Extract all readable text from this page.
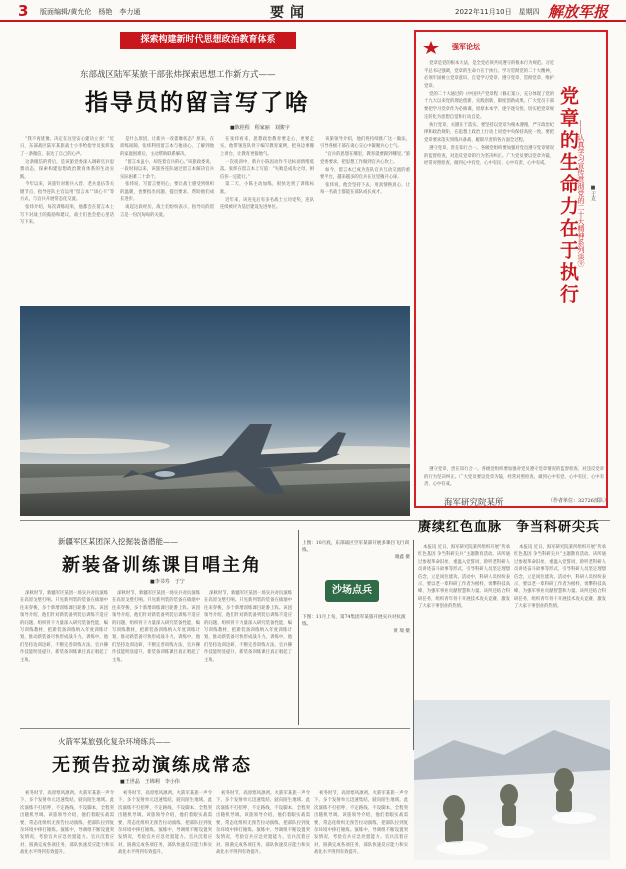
3 版面编辑/黄允伦　杨艳　李力通	要闻	2022年11月10日　星期四 解放军报
探索构建新时代思想政治教育体系
东部战区陆军某旅干部张炜探索思想工作新方式——
指导员的留言写了啥
■陈桂程　程家丽　刘骏宇

“我不再犹豫，决定在这里安心建功立业！”近日，东部战区陆军某旅战士小李给指导员张炜发了一条微信，表达了自己的心声。

这条微信的背后，是该旅党委深入调研官兵思想动态，探索构建思想政治教育体系的生动实践。

今年以来，该旅针对新兵入营、老兵退伍等关键节点，指导连队主官运用“留言本”“谈心卡”等方式，与官兵开展常态化交流。

张炜介绍，每次训练结束，他都会在留言本上写下对战士的鼓励和建议，战士们也会把心里话写下来。

是什么原因，让新兵一改萎靡状态？原来，在训练间隙，张炜利用留言本与他谈心，了解到他的家庭困难后，主动帮助联系解决。

“留言本虽小，却连着官兵的心。”该旅政委说，一段时间以来，该旅各连队通过留言本解决官兵实际困难二十余个。

张炜说，写留言要用心，要让战士感受到组织的温暖，也要指出问题、提出要求，帮助他们成长进步。

谈起这段经历，战士们纷纷表示，指导员的留言是一份沉甸甸的关爱。

在张炜看来，思想政治教育要走心，更要走实。他带领连队骨干编写教育案例，把身边事搬上讲台，让教育更接地气。

一次夜训中，新兵小陈因动作不达标而情绪低落。张炜在留言本上写道：“失败是成功之母，相信你一定能行。”

第二天，小陈主动加练，很快达到了训练标准。

近年来，该连先后有多名战士立功受奖，连队连续被评为基层建设先进单位。

该旅领导介绍，他们将持续推广这一做法，引导各级干部在谈心交心中凝聚兵心士气。

“官兵的思想在哪里，教育就要跟到哪里。”旅党委要求，把思想工作做到官兵心坎上。

如今，留言本已成为连队官兵互动交流的重要平台，越来越多的官兵在这里敞开心扉。

张炜说，他会坚持下去，用真情换真心，让每一名战士都能在部队成长成才。

强军论坛
党章的生命力在于执行
——认真学习宣传贯彻党的二十大精神系列谈⑨ ■于克

党章是党的根本大法，是全党必须共同遵守的根本行为规范。习近平总书记强调，党章的生命力在于执行。学习贯彻党的二十大精神，必须牢固树立党章意识，自觉学习党章、遵守党章、贯彻党章、维护党章。

党的二十大通过的《中国共产党章程（修正案）》，充分体现了党的十九大以来党的理论创新、实践创新、制度创新成果。广大党员干部要把学习党章作为必修课，原原本本学、逐字逐句悟，切实把党章规定转化为思想自觉和行动自觉。

执行党章，关键在于落实。要坚持以党章为根本遵循，严守政治纪律和政治规矩，在思想上政治上行动上同党中央保持高度一致。要把党章要求落实到练兵备战、履职尽责的各方面全过程。

遵守党章，贵在知行合一。各级党组织要加强对党员遵守党章情况的监督检查，对违反党章的行为坚决纠正。广大党员要以党章为镜，经常对照检查，做到心中有党、心中有民、心中有责、心中有戒。

遵守党章，贵在知行合一。各级党组织要加强对党员遵守党章情况的监督检查，对违反党章的行为坚决纠正。广大党员要以党章为镜，经常对照检查，做到心中有党、心中有民、心中有责、心中有戒。

（作者单位：32726部队）
海军研究院某所
赓续红色血脉　争当科研尖兵

本报讯 近日，海军研究院某所组织开展“传承红色基因 争当科研尖兵”主题教育活动。该所通过参观革命旧址、重温入党誓词、聆听老科研人员讲述奋斗故事等形式，引导科研人员坚定理想信念，立足岗位建功。活动中，科研人员纷纷表示，要以老一辈科研工作者为榜样，勇攀科技高峰，为强军事业贡献智慧和力量。该所还结合科研任务，组织青年骨干开展技术攻关竞赛，激发了大家干事创业的热情。

本报讯 近日，海军研究院某所组织开展“传承红色基因 争当科研尖兵”主题教育活动。该所通过参观革命旧址、重温入党誓词、聆听老科研人员讲述奋斗故事等形式，引导科研人员坚定理想信念，立足岗位建功。活动中，科研人员纷纷表示，要以老一辈科研工作者为榜样，勇攀科技高峰，为强军事业贡献智慧和力量。该所还结合科研任务，组织青年骨干开展技术攻关竞赛，激发了大家干事创业的热情。

新疆军区某团深入挖掘装备潜能——
新装备训练课目唱主角
■李书寿　于宁

深秋时节，新疆军区某团一场实兵对抗演练在高原戈壁打响。只见新列装的装备在硝烟中往来穿梭，多个新增训练课目轮番上阵。该团领导介绍，他们针对新装备列装后训练不适应的问题，组织骨干力量深入研究装备性能，编写训练教材，把新装备训练纳入年度训练计划，推动新装备尽快形成战斗力。训练中，他们坚持边训边研，不断完善训练方法，官兵操作技能明显提升，新装备训练课目真正唱起了主角。

深秋时节，新疆军区某团一场实兵对抗演练在高原戈壁打响。只见新列装的装备在硝烟中往来穿梭，多个新增训练课目轮番上阵。该团领导介绍，他们针对新装备列装后训练不适应的问题，组织骨干力量深入研究装备性能，编写训练教材，把新装备训练纳入年度训练计划，推动新装备尽快形成战斗力。训练中，他们坚持边训边研，不断完善训练方法，官兵操作技能明显提升，新装备训练课目真正唱起了主角。

深秋时节，新疆军区某团一场实兵对抗演练在高原戈壁打响。只见新列装的装备在硝烟中往来穿梭，多个新增训练课目轮番上阵。该团领导介绍，他们针对新装备列装后训练不适应的问题，组织骨干力量深入研究装备性能，编写训练教材，把新装备训练纳入年度训练计划，推动新装备尽快形成战斗力。训练中，他们坚持边训边研，不断完善训练方法，官兵操作技能明显提升，新装备训练课目真正唱起了主角。

上图：10月底，东部战区空军某部开展多课目飞行训练。
谢鑫 摄
沙场点兵
下图：11月上旬，第74集团军某旅开展实兵对抗演练。
黄 瑞 摄
火箭军某旅强化复杂环境练兵——
无预告拉动演练成常态
■王世晶　王锦利　李小伟

初冬时节，高原寒风凛冽。火箭军某旅一声令下，多个发射单元迅速集结，驶向陌生地域。此次演练不打招呼、不定路线、不设脚本，全程突出随机导调。该旅领导介绍，他们着眼实战需要，常态化组织无预告拉动演练，把部队拉到复杂环境中摔打锤炼。演练中，导调组不断设置突发情况，考验官兵应急处置能力。官兵沉着应对，圆满完成各项任务，部队快速反应能力和实战化水平得到有效提升。

初冬时节，高原寒风凛冽。火箭军某旅一声令下，多个发射单元迅速集结，驶向陌生地域。此次演练不打招呼、不定路线、不设脚本，全程突出随机导调。该旅领导介绍，他们着眼实战需要，常态化组织无预告拉动演练，把部队拉到复杂环境中摔打锤炼。演练中，导调组不断设置突发情况，考验官兵应急处置能力。官兵沉着应对，圆满完成各项任务，部队快速反应能力和实战化水平得到有效提升。

初冬时节，高原寒风凛冽。火箭军某旅一声令下，多个发射单元迅速集结，驶向陌生地域。此次演练不打招呼、不定路线、不设脚本，全程突出随机导调。该旅领导介绍，他们着眼实战需要，常态化组织无预告拉动演练，把部队拉到复杂环境中摔打锤炼。演练中，导调组不断设置突发情况，考验官兵应急处置能力。官兵沉着应对，圆满完成各项任务，部队快速反应能力和实战化水平得到有效提升。

初冬时节，高原寒风凛冽。火箭军某旅一声令下，多个发射单元迅速集结，驶向陌生地域。此次演练不打招呼、不定路线、不设脚本，全程突出随机导调。该旅领导介绍，他们着眼实战需要，常态化组织无预告拉动演练，把部队拉到复杂环境中摔打锤炼。演练中，导调组不断设置突发情况，考验官兵应急处置能力。官兵沉着应对，圆满完成各项任务，部队快速反应能力和实战化水平得到有效提升。
